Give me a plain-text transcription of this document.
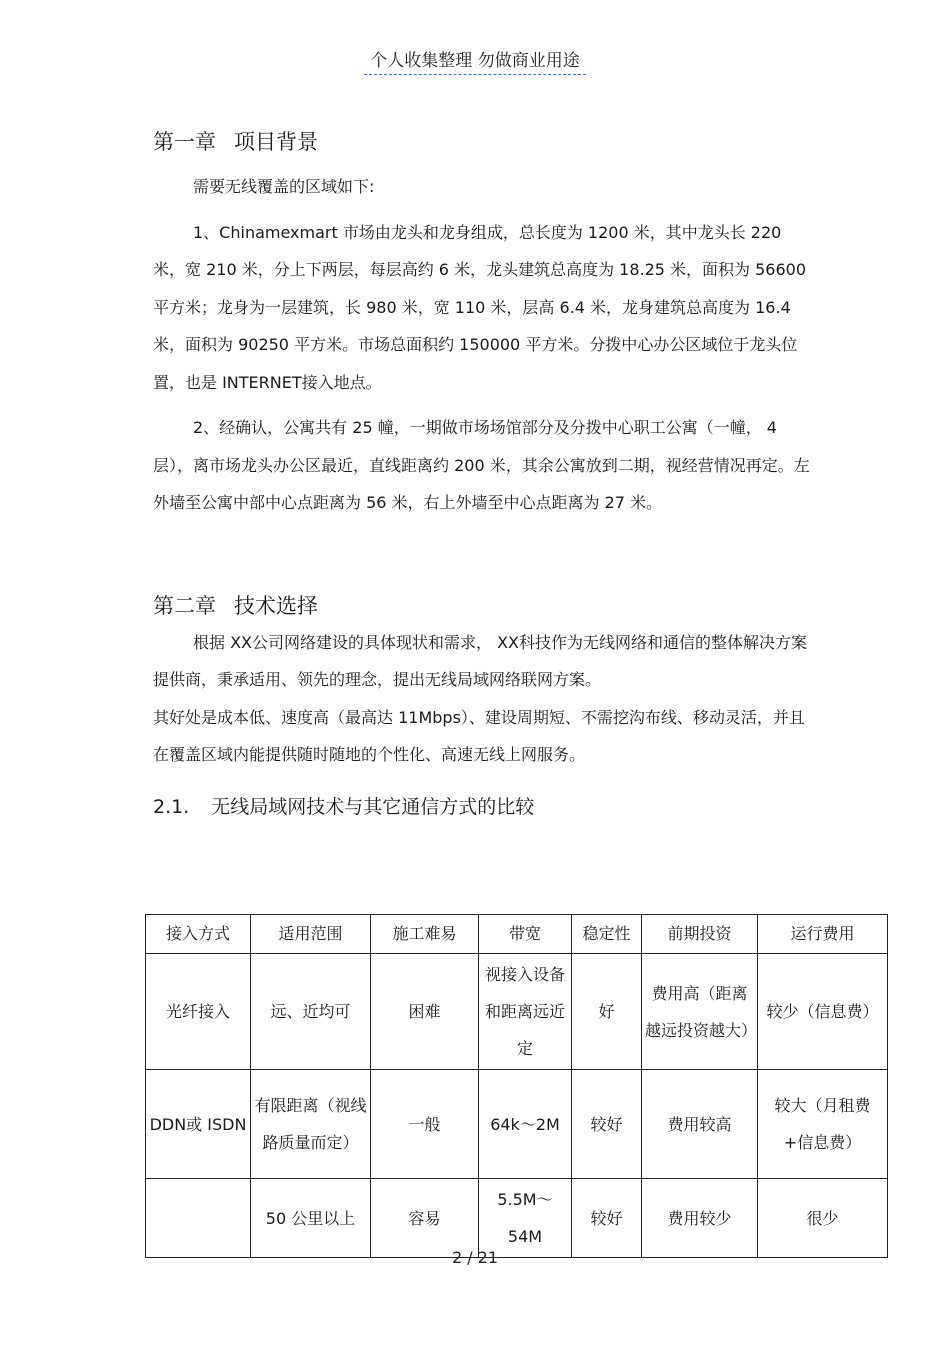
个人收集整理 勿做商业用途
第一章 项目背景

需要无线覆盖的区域如下:

1、Chinamexmart 市场由龙头和龙身组成，总长度为 1200 米，其中龙头长 220 米，宽 210 米，分上下两层，每层高约 6 米，龙头建筑总高度为 18.25 米，面积为 56600 平方米；龙身为一层建筑，长 980 米，宽 110 米，层高 6.4 米，龙身建筑总高度为 16.4 米，面积为 90250 平方米。市场总面积约 150000 平方米。分拨中心办公区域位于龙头位置，也是 INTERNET接入地点。

2、经确认，公寓共有 25 幢，一期做市场场馆部分及分拨中心职工公寓（一幢， 4 层），离市场龙头办公区最近，直线距离约 200 米，其余公寓放到二期，视经营情况再定。左外墙至公寓中部中心点距离为 56 米，右上外墙至中心点距离为 27 米。

第二章 技术选择

根据 XX公司网络建设的具体现状和需求， XX科技作为无线网络和通信的整体解决方案提供商，秉承适用、领先的理念，提出无线局域网络联网方案。

其好处是成本低、速度高（最高达 11Mbps）、建设周期短、不需挖沟布线、移动灵活，并且在覆盖区域内能提供随时随地的个性化、高速无线上网服务。

2.1. 无线局域网技术与其它通信方式的比较
接入方式	适用范围	施工难易	带宽	稳定性	前期投资	运行费用
光纤接入	远、近均可	困难	视接入设备和距离远近定	好	费用高（距离越远投资越大）	较少（信息费）
DDN或 ISDN	有限距离（视线路质量而定）	一般	64k～2M	较好	费用较高	较大（月租费 +信息费）
	50 公里以上	容易	5.5M～54M	较好	费用较少	很少
2 / 21
